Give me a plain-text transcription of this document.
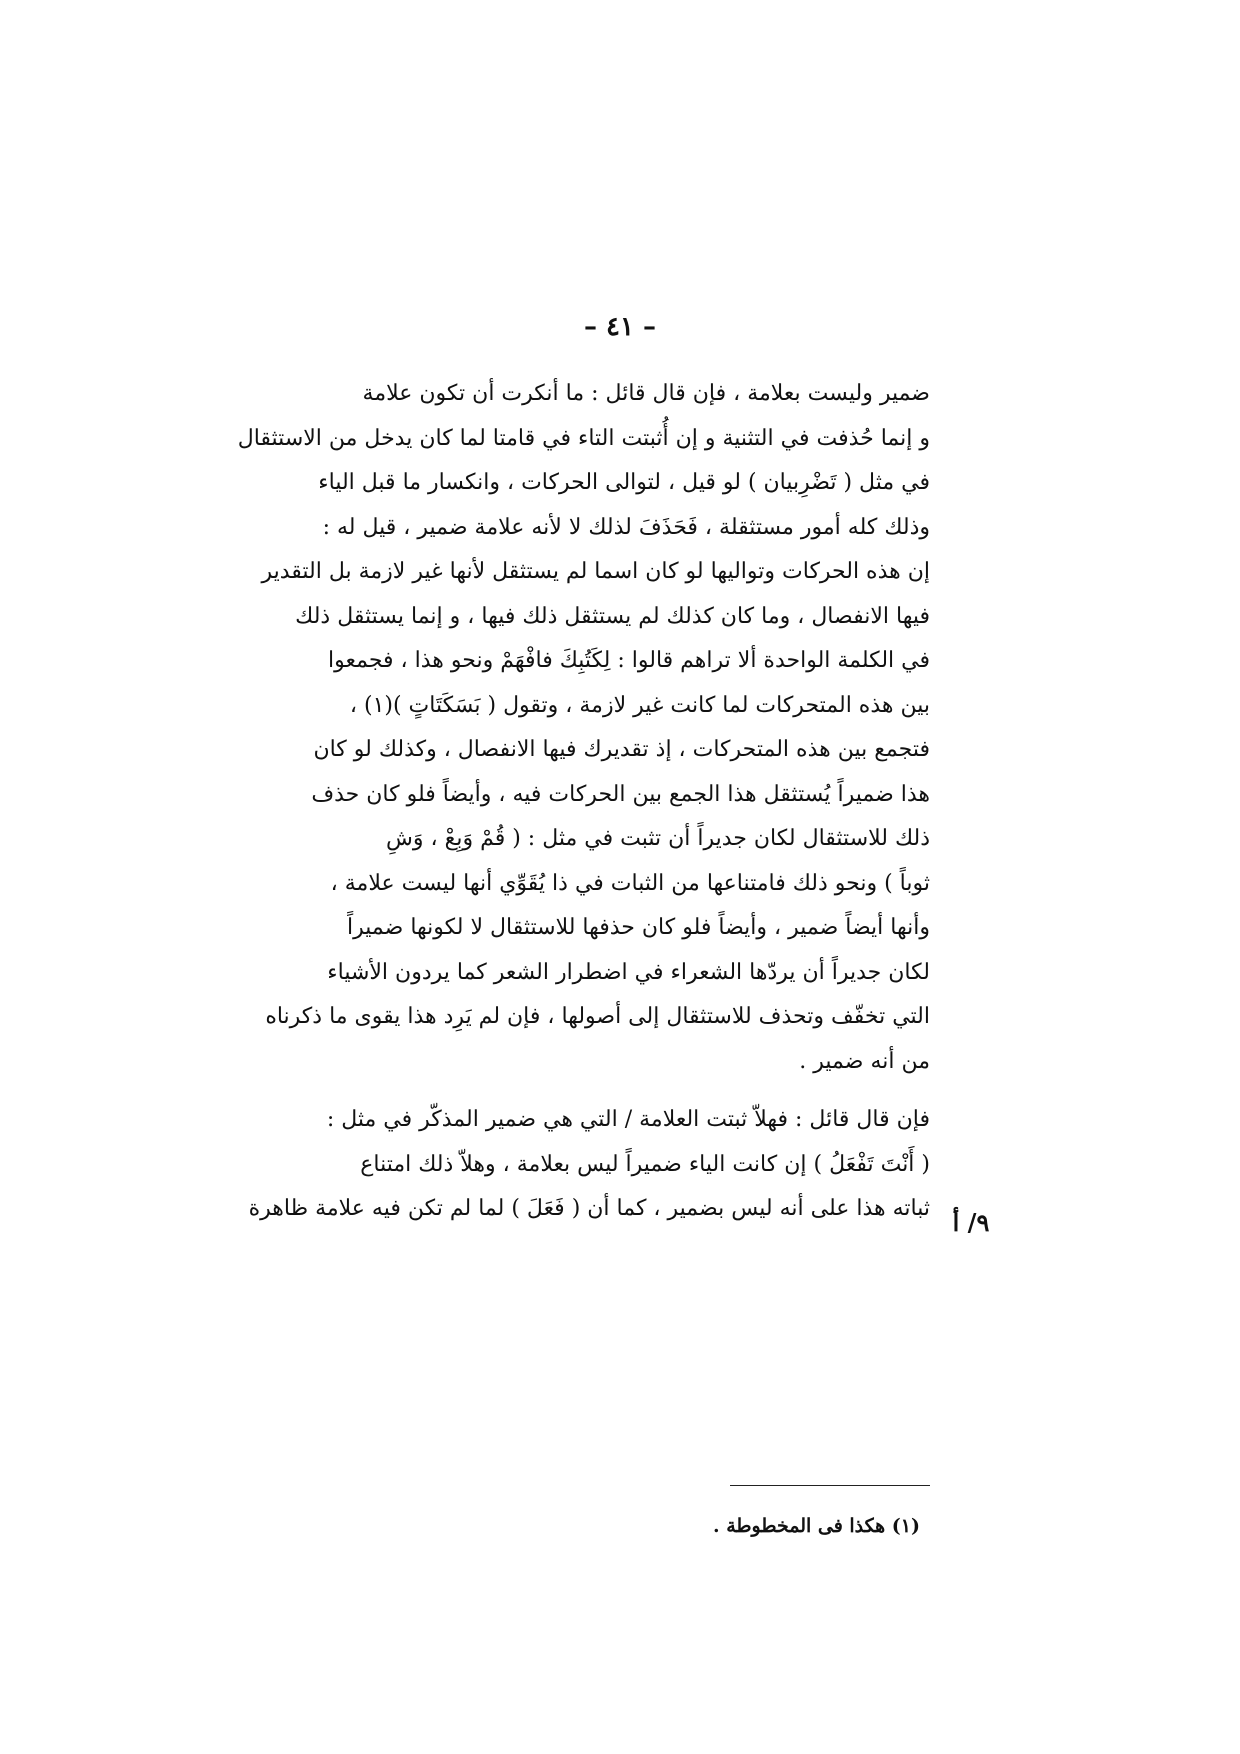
– ٤١ –
ضمير وليست بعلامة ، فإن قال قائل : ما أنكرت أن تكون علامة
و إنما حُذفت في التثنية و إن أُثبتت التاء في قامتا لما كان يدخل من الاستثقال
في مثل ( تَضْرِبيان ) لو قيل ، لتوالى الحركات ، وانكسار ما قبل الياء
وذلك كله أمور مستثقلة ، فَحَذَفَ لذلك لا لأنه علامة ضمير ، قيل له :
إن هذه الحركات وتواليها لو كان اسما لم يستثقل لأنها غير لازمة بل التقدير
فيها الانفصال ، وما كان كذلك لم يستثقل ذلك فيها ، و إنما يستثقل ذلك
في الكلمة الواحدة ألا تراهم قالوا : لِكَتُبِكَ فافْهَمْ ونحو هذا ، فجمعوا
بين هذه المتحركات لما كانت غير لازمة ، وتقول ( بَسَكَتَاتٍ )(١) ،
فتجمع بين هذه المتحركات ، إذ تقديرك فيها الانفصال ، وكذلك لو كان
هذا ضميراً يُستثقل هذا الجمع بين الحركات فيه ، وأيضاً فلو كان حذف
ذلك للاستثقال لكان جديراً أن تثبت في مثل : ( قُمْ وَبِعْ ، وَشِ
ثوباً ) ونحو ذلك فامتناعها من الثبات في ذا يُقَوِّي أنها ليست علامة ،
وأنها أيضاً ضمير ، وأيضاً فلو كان حذفها للاستثقال لا لكونها ضميراً
لكان جديراً أن يردّها الشعراء في اضطرار الشعر كما يردون الأشياء
التي تخفّف وتحذف للاستثقال إلى أصولها ، فإن لم يَرِد هذا يقوى ما ذكرناه
من أنه ضمير .
فإن قال قائل : فهلاّ ثبتت العلامة / التي هي ضمير المذكّر في مثل :
( أَنْتَ تَفْعَلُ ) إن كانت الياء ضميراً ليس بعلامة ، وهلاّ ذلك امتناع
ثباته هذا على أنه ليس بضمير ، كما أن ( فَعَلَ ) لما لم تكن فيه علامة ظاهرة ٩/ أ
(١) هكذا فى المخطوطة .
